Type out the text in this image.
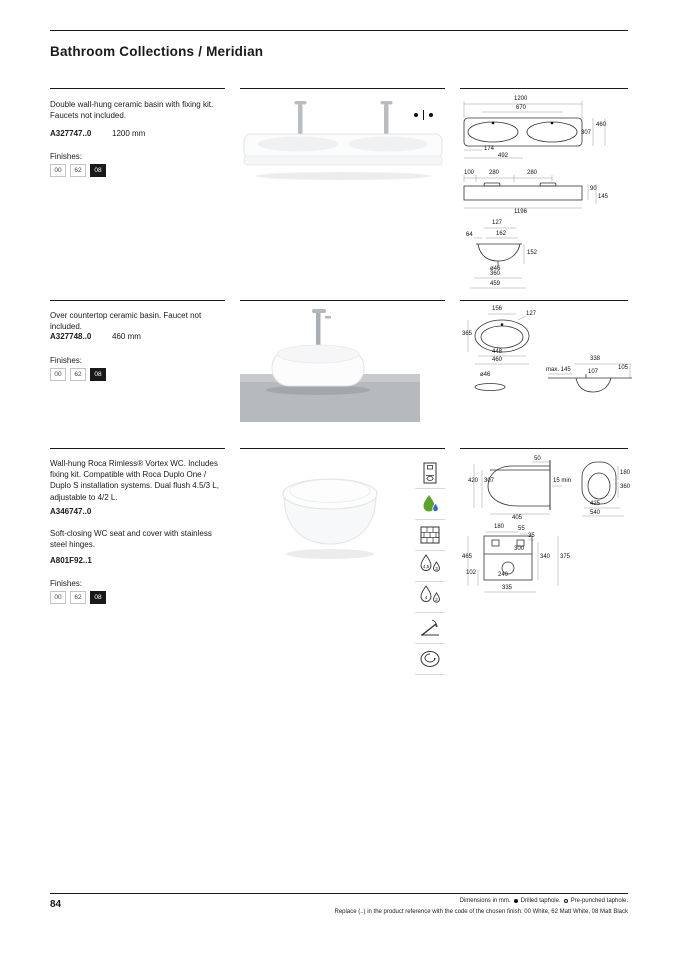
Bathroom Collections / Meridian
Double wall-hung ceramic basin with fixing kit. Faucets not included.
A327747..0	1200 mm
Finishes:
00	62	08
1200
670
460
307
174
492
100 280	280
90
145
1196
127
64	162
ø46
152
360
459
Over countertop ceramic basin. Faucet not included.
A327748..0	460 mm
Finishes:
00	62	08
156
127
365
448
460
ø46
338
max. 145	107
105
Wall-hung Roca Rimless® Vortex WC. Includes fixing kit. Compatible with Roca Duplo One / Duplo S installation systems. Dual flush 4.5/3 L, adjustable to 4/2 L.
A346747..0
Soft-closing WC seat and cover with stainless steel hinges.
A801F92..1
Finishes:
00	62	08
4,5 3
4 2
50
420 307	15 min
405
180
360
425
540
180 55
35
465
300
102	240
340 375
335
84	Dimensions in mm. Drilled taphole. Pre-punched taphole.
Replace (..) in the product reference with the code of the chosen finish: 00 White, 62 Matt White, 08 Matt Black
